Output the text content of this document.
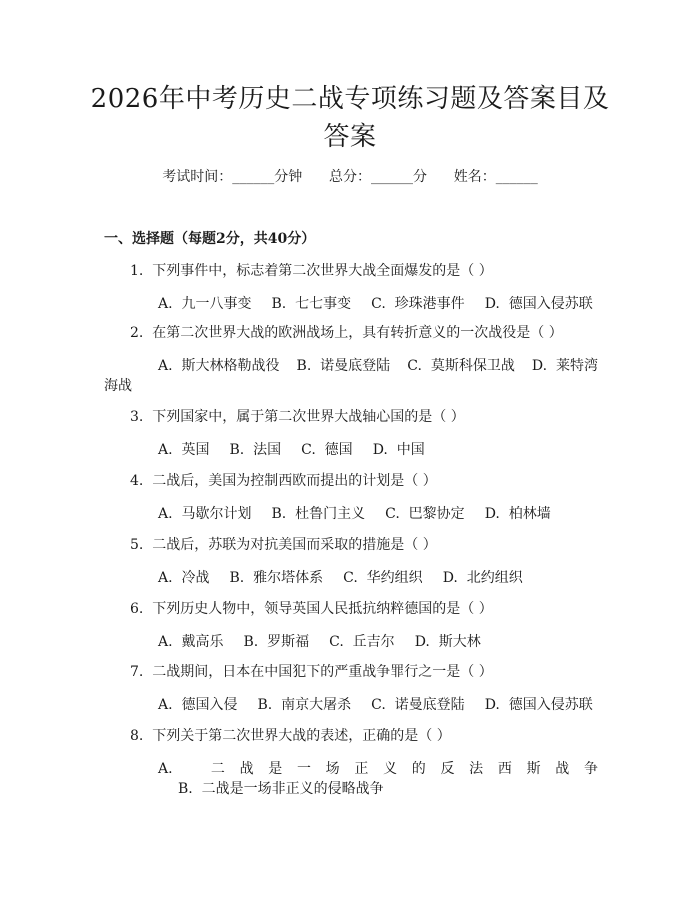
2026年中考历史二战专项练习题及答案目及答案
考试时间：______分钟      总分：______分      姓名：______
一、选择题（每题2分，共40分）
1.  下列事件中，标志着第二次世界大战全面爆发的是（ ）
A.  九一八事变 B.  七七事变 C.  珍珠港事件 D.  德国入侵苏联
2.  在第二次世界大战的欧洲战场上，具有转折意义的一次战役是（ ）
A.  斯大林格勒战役 B.  诺曼底登陆 C.  莫斯科保卫战 D.  莱特湾
海战
3.  下列国家中，属于第二次世界大战轴心国的是（ ）
A.  英国 B.  法国 C.  德国 D.  中国
4.  二战后，美国为控制西欧而提出的计划是（ ）
A.  马歇尔计划 B.  杜鲁门主义 C.  巴黎协定 D.  柏林墙
5.  二战后，苏联为对抗美国而采取的措施是（ ）
A.  冷战 B.  雅尔塔体系 C.  华约组织 D.  北约组织
6.  下列历史人物中，领导英国人民抵抗纳粹德国的是（ ）
A.  戴高乐 B.  罗斯福 C.  丘吉尔 D.  斯大林
7.  二战期间，日本在中国犯下的严重战争罪行之一是（ ）
A.  德国入侵 B.  南京大屠杀 C.  诺曼底登陆 D.  德国入侵苏联
8.  下列关于第二次世界大战的表述，正确的是（ ）
A.  二战是一场正义的反法西斯战争B.  二战是一场非正义的侵略战争
